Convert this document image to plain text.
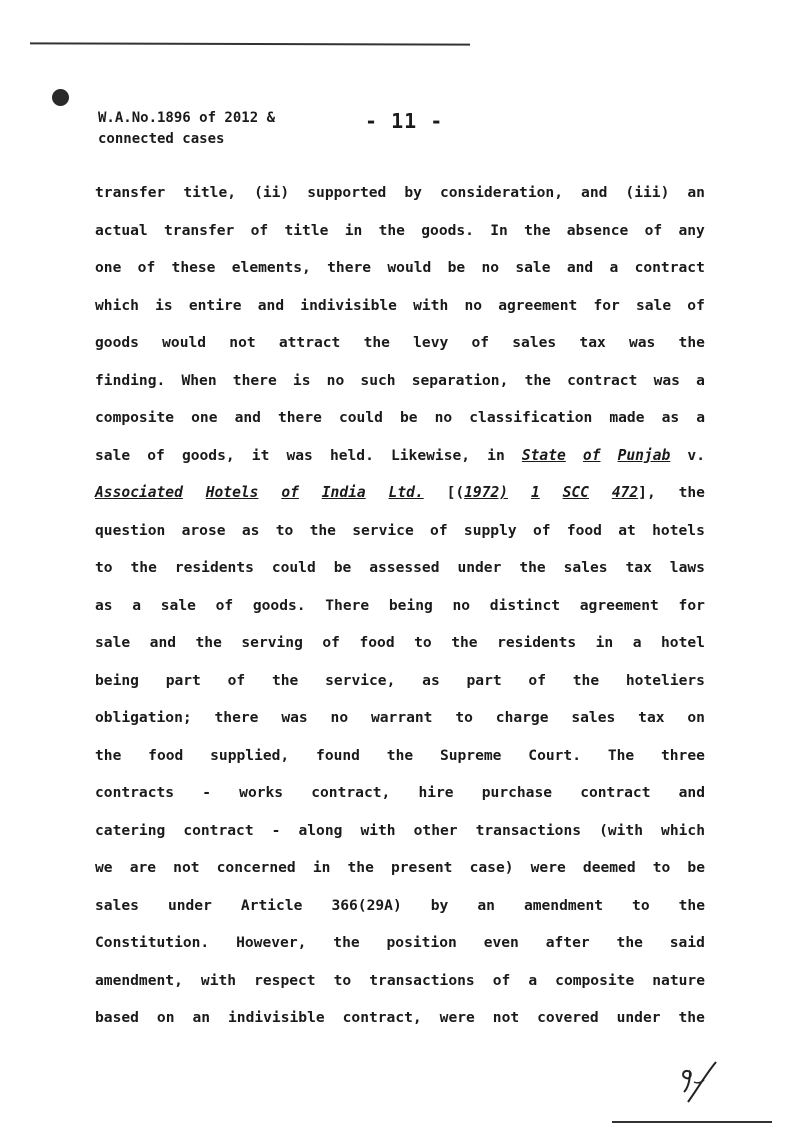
W.A.No.1896 of 2012 &
connected cases
- 11 -
transfer title, (ii) supported by consideration, and (iii) an
actual transfer of title in the goods. In the absence of any
one of these elements, there would be no sale and a contract
which is entire and indivisible with no agreement for sale of
goods would not attract the levy of sales tax was the
finding. When there is no such separation, the contract was a
composite one and there could be no classification made as a
sale of goods, it was held. Likewise, in State of Punjab v.
Associated Hotels of India Ltd. [(1972) 1 SCC 472], the
question arose as to the service of supply of food at hotels
to the residents could be assessed under the sales tax laws
as a sale of goods. There being no distinct agreement for
sale and the serving of food to the residents in a hotel
being part of the service, as part of the hoteliers
obligation; there was no warrant to charge sales tax on
the food supplied, found the Supreme Court. The three
contracts - works contract, hire purchase contract and
catering contract - along with other transactions (with which
we are not concerned in the present case) were deemed to be
sales under Article 366(29A) by an amendment to the
Constitution. However, the position even after the said
amendment, with respect to transactions of a composite nature
based on an indivisible contract, were not covered under the
